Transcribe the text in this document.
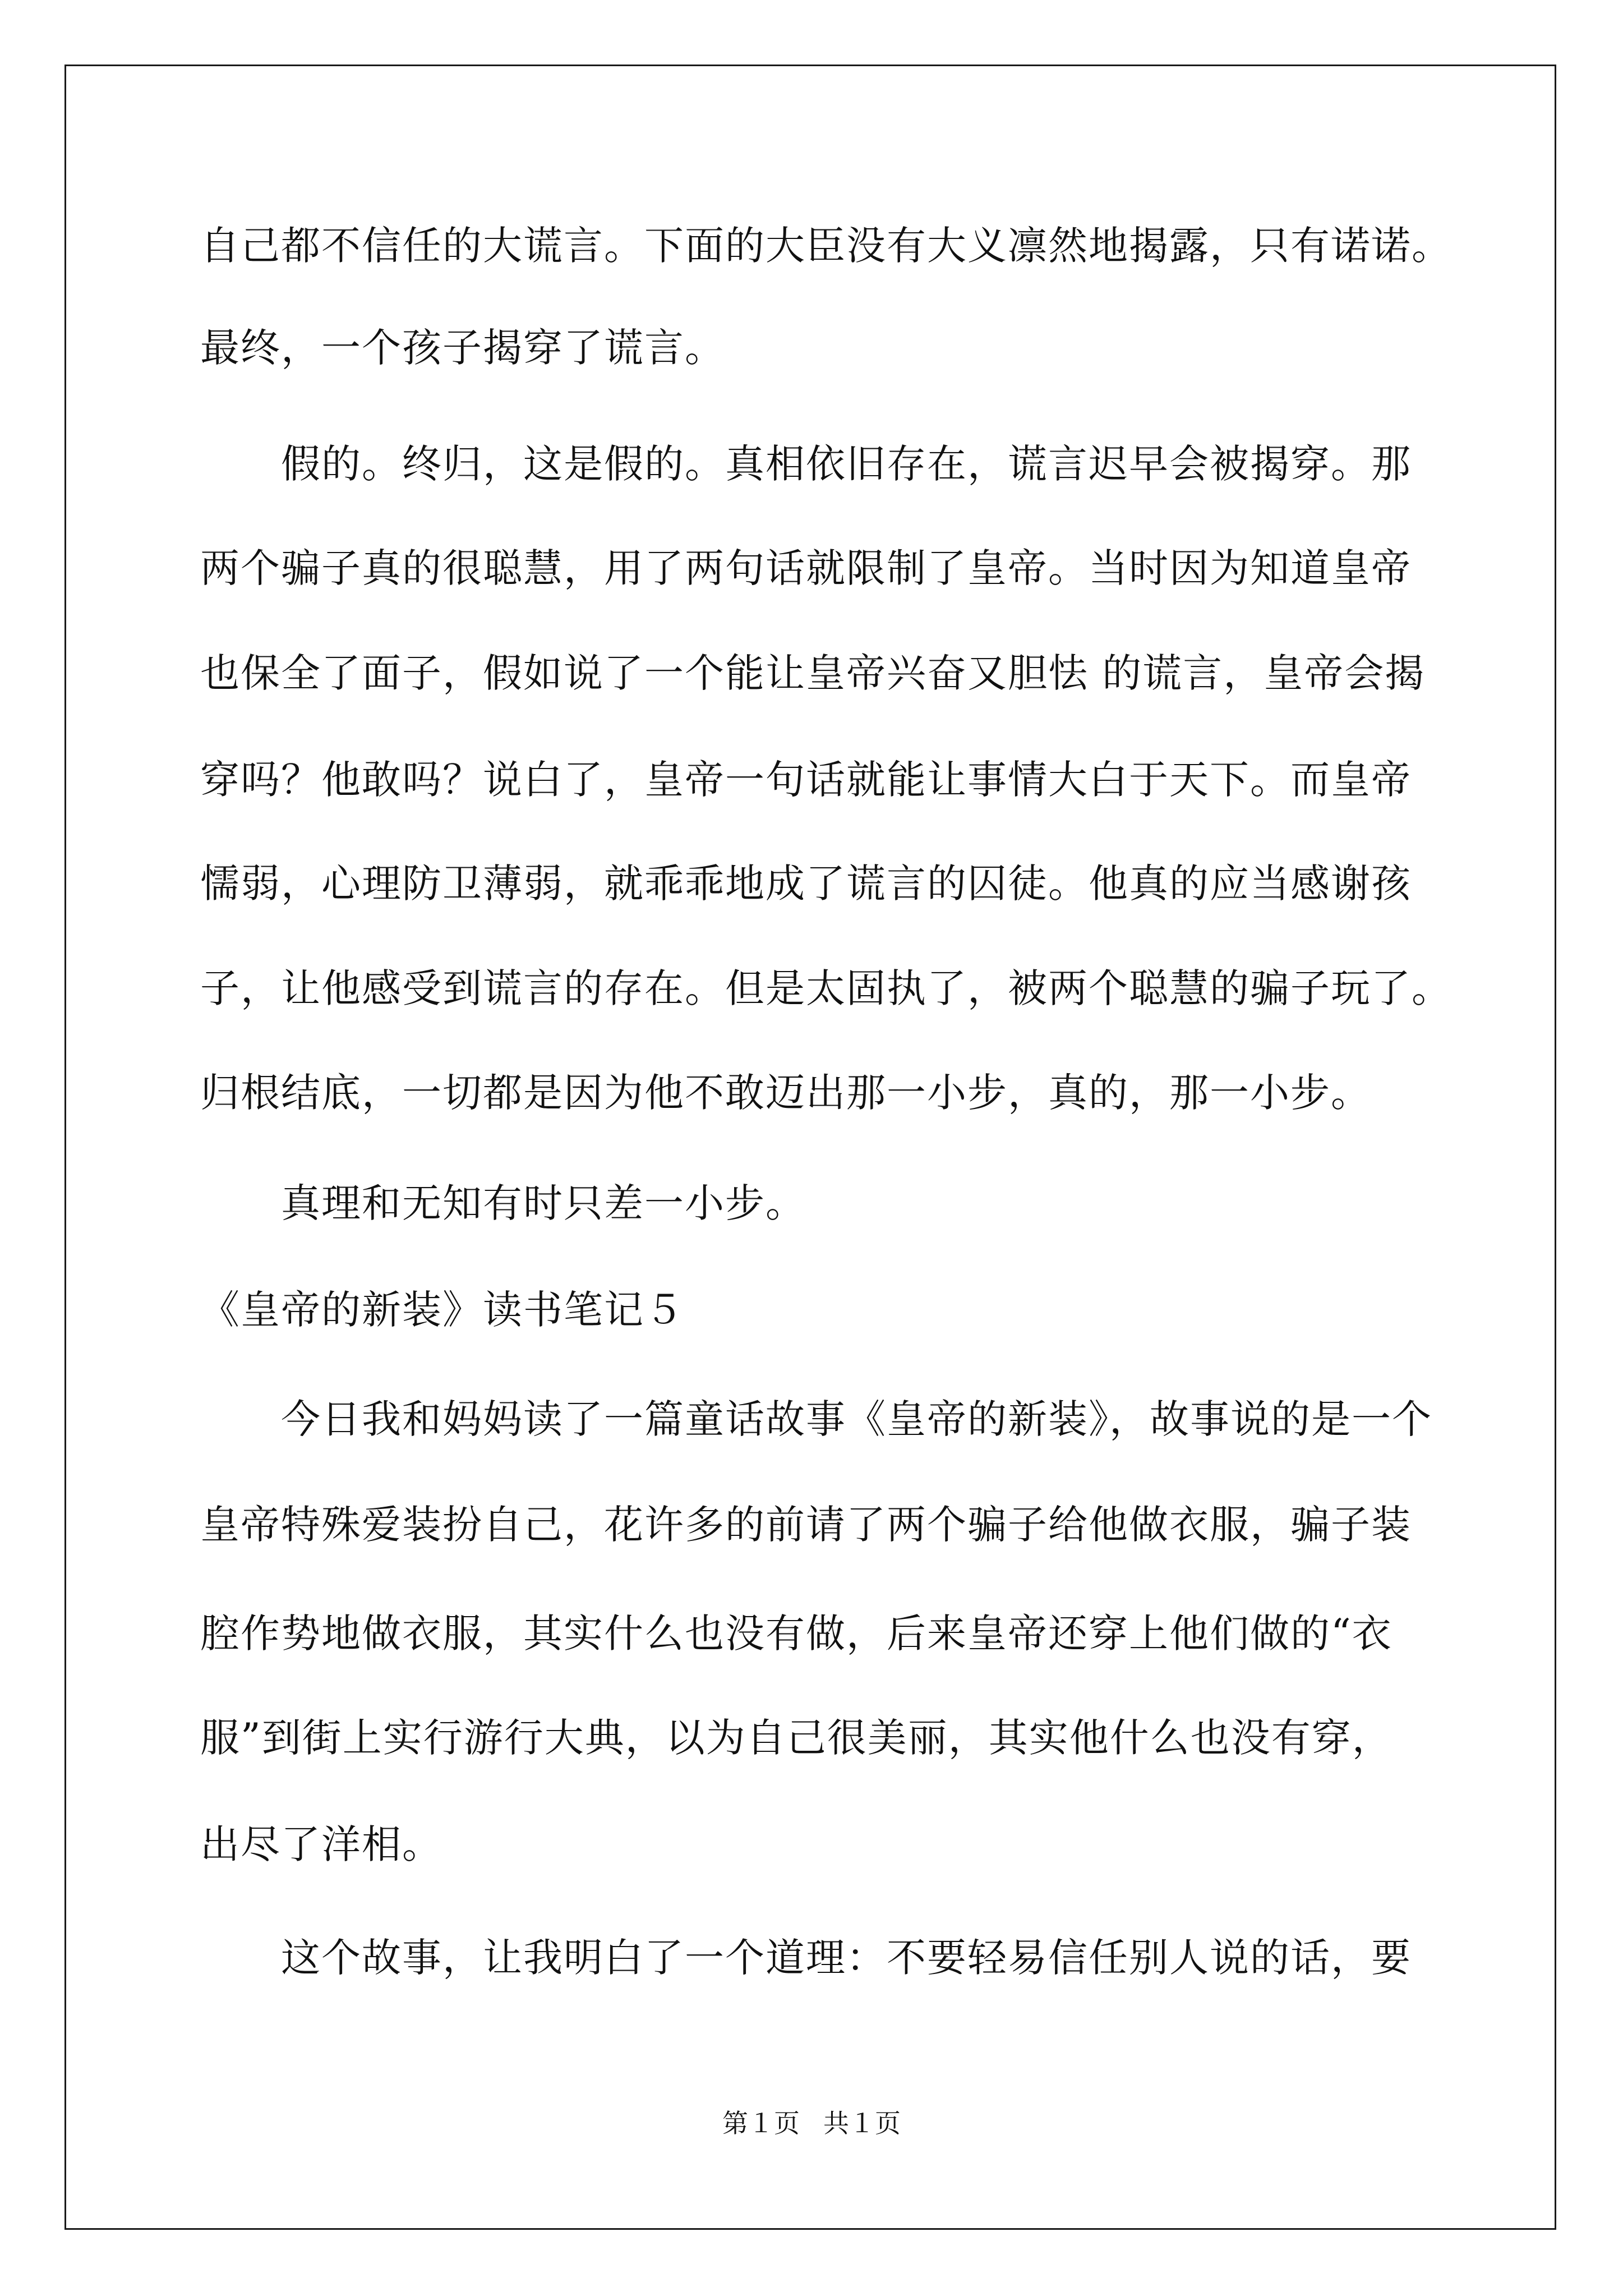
自己都不信任的大谎言。下面的大臣没有大义凛然地揭露，只有诺诺。
最终，一个孩子揭穿了谎言。
假的。终归，这是假的。真相依旧存在，谎言迟早会被揭穿。那
两个骗子真的很聪慧，用了两句话就限制了皇帝。当时因为知道皇帝
也保全了面子，假如说了一个能让皇帝兴奋又胆怯 的谎言，皇帝会揭
穿吗？他敢吗？说白了，皇帝一句话就能让事情大白于天下。而皇帝
懦弱，心理防卫薄弱，就乖乖地成了谎言的囚徒。他真的应当感谢孩
子，让他感受到谎言的存在。但是太固执了，被两个聪慧的骗子玩了。
归根结底，一切都是因为他不敢迈出那一小步，真的，那一小步。
真理和无知有时只差一小步。
《皇帝的新装》读书笔记５
今日我和妈妈读了一篇童话故事《皇帝的新装》，故事说的是一个
皇帝特殊爱装扮自己，花许多的前请了两个骗子给他做衣服，骗子装
腔作势地做衣服，其实什么也没有做，后来皇帝还穿上他们做的“衣
服”到街上实行游行大典，以为自己很美丽，其实他什么也没有穿，
出尽了洋相。
这个故事，让我明白了一个道理：不要轻易信任别人说的话，要
第１页 共１页
